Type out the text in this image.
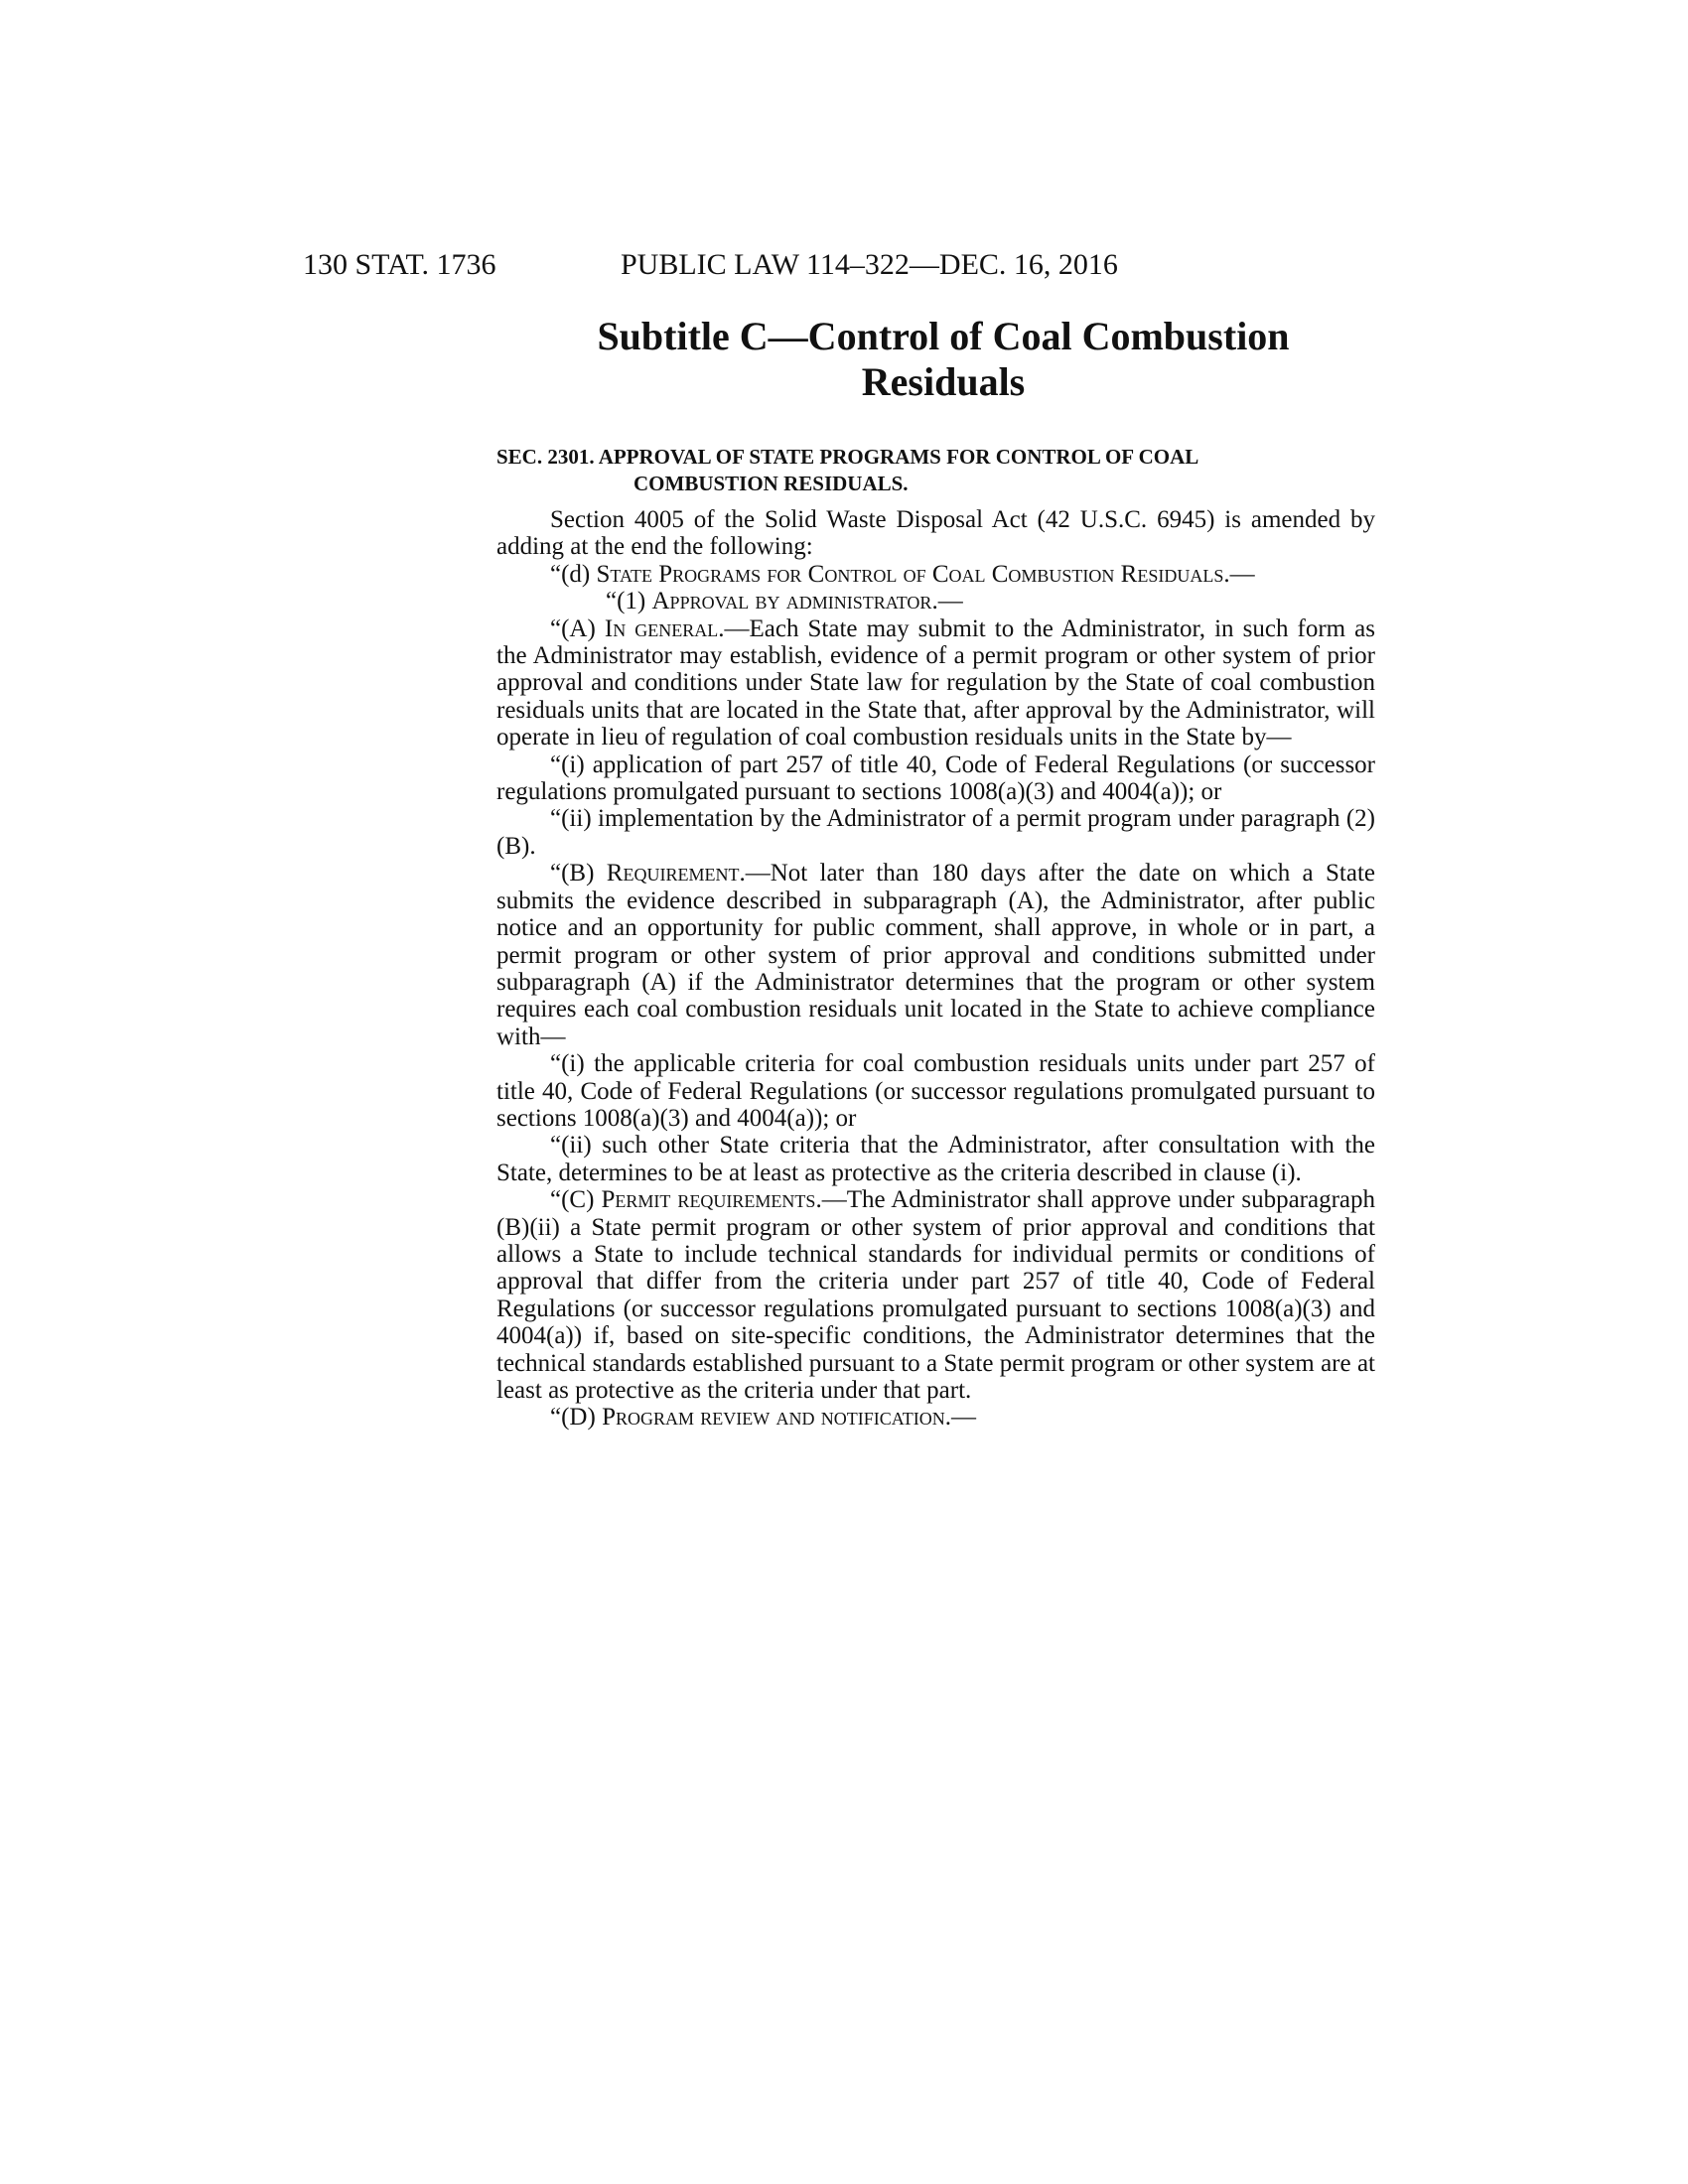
130 STAT. 1736	PUBLIC LAW 114–322—DEC. 16, 2016
Subtitle C—Control of Coal Combustion
Residuals
SEC. 2301. APPROVAL OF STATE PROGRAMS FOR CONTROL OF COAL
COMBUSTION RESIDUALS.

Section 4005 of the Solid Waste Disposal Act (42 U.S.C. 6945) is amended by adding at the end the following:

“(d) State Programs for Control of Coal Combustion Residuals.—

“(1) Approval by administrator.—

“(A) In general.—Each State may submit to the Administrator, in such form as the Administrator may establish, evidence of a permit program or other system of prior approval and conditions under State law for regulation by the State of coal combustion residuals units that are located in the State that, after approval by the Administrator, will operate in lieu of regulation of coal combustion residuals units in the State by—

“(i) application of part 257 of title 40, Code of Federal Regulations (or successor regulations promulgated pursuant to sections 1008(a)(3) and 4004(a)); or

“(ii) implementation by the Administrator of a permit program under paragraph (2)(B).

“(B) Requirement.—Not later than 180 days after the date on which a State submits the evidence described in subparagraph (A), the Administrator, after public notice and an opportunity for public comment, shall approve, in whole or in part, a permit program or other system of prior approval and conditions submitted under subparagraph (A) if the Administrator determines that the program or other system requires each coal combustion residuals unit located in the State to achieve compliance with—

“(i) the applicable criteria for coal combustion residuals units under part 257 of title 40, Code of Federal Regulations (or successor regulations promulgated pursuant to sections 1008(a)(3) and 4004(a)); or

“(ii) such other State criteria that the Administrator, after consultation with the State, determines to be at least as protective as the criteria described in clause (i).

“(C) Permit requirements.—The Administrator shall approve under subparagraph (B)(ii) a State permit program or other system of prior approval and conditions that allows a State to include technical standards for individual permits or conditions of approval that differ from the criteria under part 257 of title 40, Code of Federal Regulations (or successor regulations promulgated pursuant to sections 1008(a)(3) and 4004(a)) if, based on site-specific conditions, the Administrator determines that the technical standards established pursuant to a State permit program or other system are at least as protective as the criteria under that part.

“(D) Program review and notification.—
